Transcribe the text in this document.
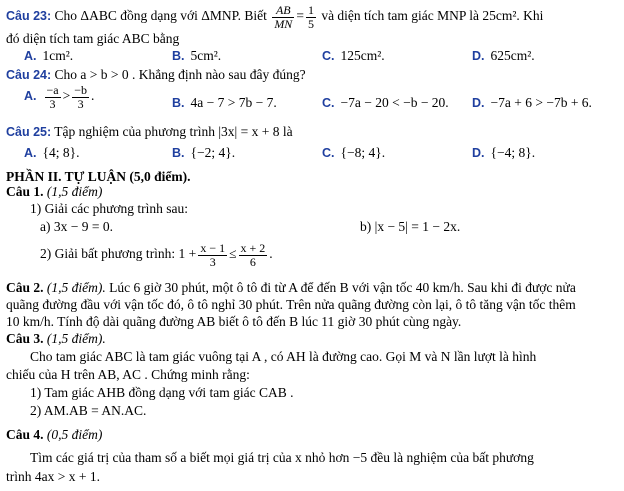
Câu 23: Cho ΔABC đồng dạng với ΔMNP. Biết $\frac{AB}{MN} = \frac{1}{5}$ và diện tích tam giác MNP là 25cm². Khi
đó diện tích tam giác ABC bằng
A. 1cm².	B. 5cm².	C. 125cm².	D. 625cm².
Câu 24: Cho a > b > 0 . Khẳng định nào sau đây đúng?
A. $\frac{-a}{3} > \frac{-b}{3}$ .	B. 4a − 7 > 7b − 7.	C. −7a − 20 < −b − 20. D. −7a + 6 > −7b + 6.
Câu 25: Tập nghiệm của phương trình |3x| = x + 8 là
A. {4; 8}.	B. {−2; 4}.	C. {−8; 4}.	D. {−4; 8}.
PHẦN II. TỰ LUẬN (5,0 điểm).
Câu 1. (1,5 điểm)
1) Giải các phương trình sau:
a) 3x − 9 = 0.	b) |x − 5| = 1 − 2x.
2) Giải bất phương trình: $1 + \frac{x - 1}{3} \le \frac{x + 2}{6}$ .
Câu 2. (1,5 điểm). Lúc 6 giờ 30 phút, một ô tô đi từ A để đến B với vận tốc 40 km/h. Sau khi đi được nửa
quãng đường đầu với vận tốc đó, ô tô nghỉ 30 phút. Trên nửa quãng đường còn lại, ô tô tăng vận tốc thêm
10 km/h. Tính độ dài quãng đường AB biết ô tô đến B lúc 11 giờ 30 phút cùng ngày.
Câu 3. (1,5 điểm).
Cho tam giác ABC là tam giác vuông tại A , có AH là đường cao. Gọi M và N lần lượt là hình
chiếu của H trên AB, AC . Chứng minh rằng:
1) Tam giác AHB đồng dạng với tam giác CAB .
2) AM.AB = AN.AC.
Câu 4. (0,5 điểm)
Tìm các giá trị của tham số a biết mọi giá trị của x nhỏ hơn −5 đều là nghiệm của bất phương
trình 4ax > x + 1.
